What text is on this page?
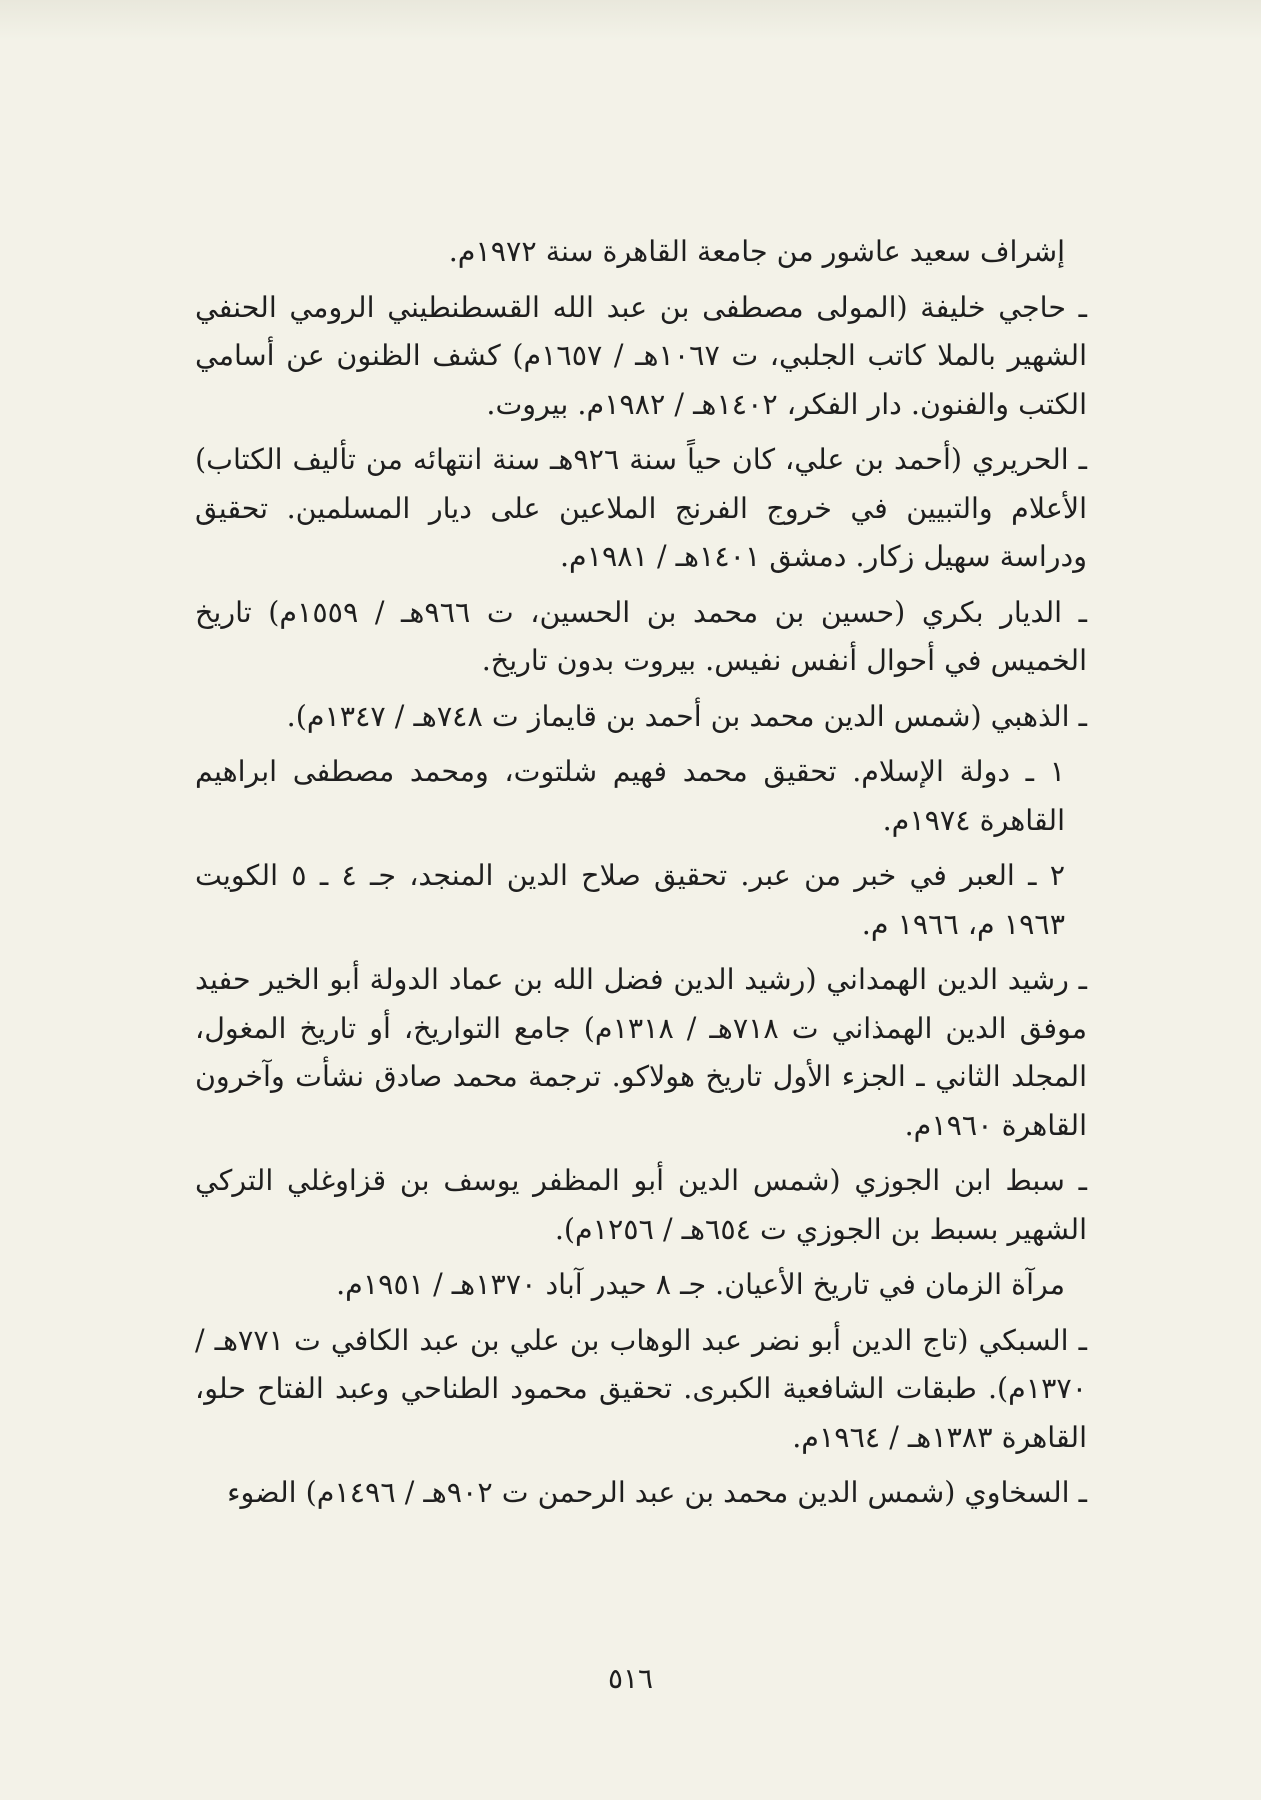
إشراف سعيد عاشور من جامعة القاهرة سنة ١٩٧٢م.

ـ حاجي خليفة (المولى مصطفى بن عبد الله القسطنطيني الرومي الحنفي الشهير بالملا كاتب الجلبي، ت ١٠٦٧هـ / ١٦٥٧م) كشف الظنون عن أسامي الكتب والفنون. دار الفكر، ١٤٠٢هـ / ١٩٨٢م. بيروت.

ـ الحريري (أحمد بن علي، كان حياً سنة ٩٢٦هـ سنة انتهائه من تأليف الكتاب) الأعلام والتبيين في خروج الفرنج الملاعين على ديار المسلمين. تحقيق ودراسة سهيل زكار. دمشق ١٤٠١هـ / ١٩٨١م.

ـ الديار بكري (حسين بن محمد بن الحسين، ت ٩٦٦هـ / ١٥٥٩م) تاريخ الخميس في أحوال أنفس نفيس. بيروت بدون تاريخ.

ـ الذهبي (شمس الدين محمد بن أحمد بن قايماز ت ٧٤٨هـ / ١٣٤٧م).

١ ـ دولة الإسلام. تحقيق محمد فهيم شلتوت، ومحمد مصطفى ابراهيم القاهرة ١٩٧٤م.

٢ ـ العبر في خبر من عبر. تحقيق صلاح الدين المنجد، جـ ٤ ـ ٥ الكويت ١٩٦٣ م، ١٩٦٦ م.

ـ رشيد الدين الهمداني (رشيد الدين فضل الله بن عماد الدولة أبو الخير حفيد موفق الدين الهمذاني ت ٧١٨هـ / ١٣١٨م) جامع التواريخ، أو تاريخ المغول، المجلد الثاني ـ الجزء الأول تاريخ هولاكو. ترجمة محمد صادق نشأت وآخرون القاهرة ١٩٦٠م.

ـ سبط ابن الجوزي (شمس الدين أبو المظفر يوسف بن قزاوغلي التركي الشهير بسبط بن الجوزي ت ٦٥٤هـ / ١٢٥٦م).

مرآة الزمان في تاريخ الأعيان. جـ ٨ حيدر آباد ١٣٧٠هـ / ١٩٥١م.

ـ السبكي (تاج الدين أبو نضر عبد الوهاب بن علي بن عبد الكافي ت ٧٧١هـ / ١٣٧٠م). طبقات الشافعية الكبرى. تحقيق محمود الطناحي وعبد الفتاح حلو، القاهرة ١٣٨٣هـ / ١٩٦٤م.

ـ السخاوي (شمس الدين محمد بن عبد الرحمن ت ٩٠٢هـ / ١٤٩٦م) الضوء

٥١٦
